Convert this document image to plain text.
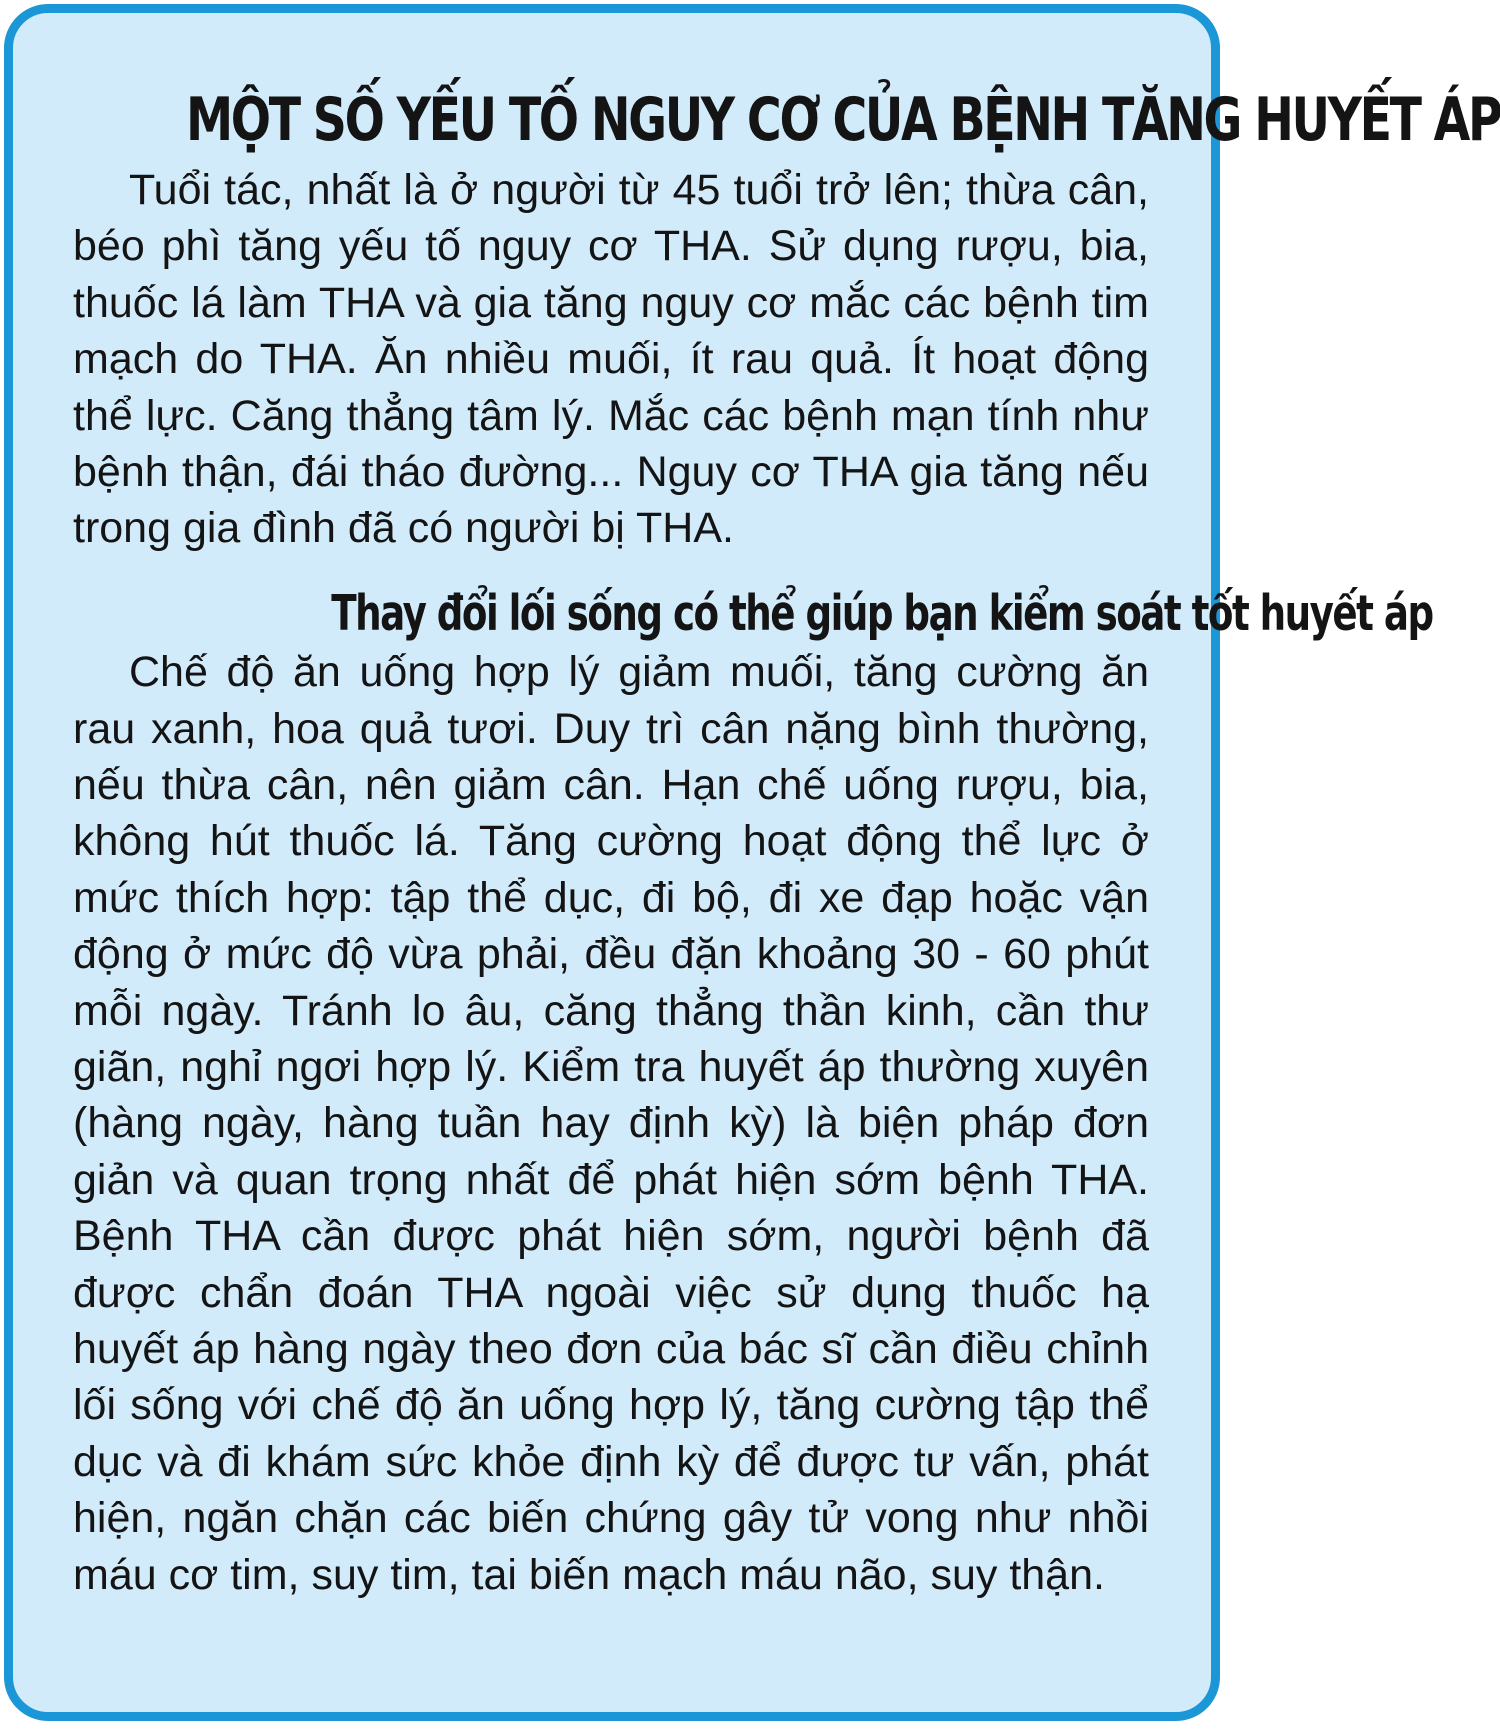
MỘT SỐ YẾU TỐ NGUY CƠ CỦA BỆNH TĂNG HUYẾT ÁP

Tuổi tác, nhất là ở người từ 45 tuổi trở lên; thừa cân, béo phì tăng yếu tố nguy cơ THA. Sử dụng rượu, bia, thuốc lá làm THA và gia tăng nguy cơ mắc các bệnh tim mạch do THA. Ăn nhiều muối, ít rau quả. Ít hoạt động thể lực. Căng thẳng tâm lý. Mắc các bệnh mạn tính như bệnh thận, đái tháo đường... Nguy cơ THA gia tăng nếu trong gia đình đã có người bị THA.

Thay đổi lối sống có thể giúp bạn kiểm soát tốt huyết áp

Chế độ ăn uống hợp lý giảm muối, tăng cường ăn rau xanh, hoa quả tươi. Duy trì cân nặng bình thường, nếu thừa cân, nên giảm cân. Hạn chế uống rượu, bia, không hút thuốc lá. Tăng cường hoạt động thể lực ở mức thích hợp: tập thể dục, đi bộ, đi xe đạp hoặc vận động ở mức độ vừa phải, đều đặn khoảng 30 - 60 phút mỗi ngày. Tránh lo âu, căng thẳng thần kinh, cần thư giãn, nghỉ ngơi hợp lý. Kiểm tra huyết áp thường xuyên (hàng ngày, hàng tuần hay định kỳ) là biện pháp đơn giản và quan trọng nhất để phát hiện sớm bệnh THA. Bệnh THA cần được phát hiện sớm, người bệnh đã được chẩn đoán THA ngoài việc sử dụng thuốc hạ huyết áp hàng ngày theo đơn của bác sĩ cần điều chỉnh lối sống với chế độ ăn uống hợp lý, tăng cường tập thể dục và đi khám sức khỏe định kỳ để được tư vấn, phát hiện, ngăn chặn các biến chứng gây tử vong như nhồi máu cơ tim, suy tim, tai biến mạch máu não, suy thận.
